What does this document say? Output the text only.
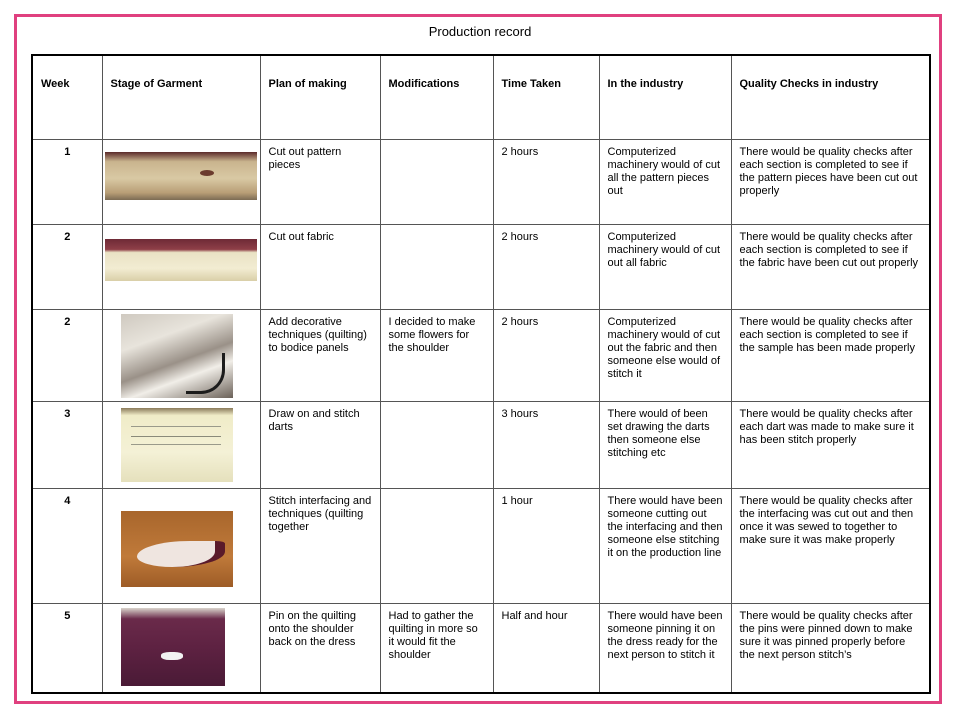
Production record
Week	Stage of Garment	Plan of making	Modifications	Time Taken	In the industry	Quality Checks in industry
1		Cut out pattern pieces		2 hours	Computerized machinery would of cut all the pattern pieces out	There would be quality checks after each section is completed to see if the pattern pieces have been cut out properly
2		Cut out fabric		2 hours	Computerized machinery would of cut out all fabric	There would be quality checks after each section is completed to see if the fabric have been cut out properly
2		Add decorative techniques (quilting) to bodice panels	I decided to make some flowers for the shoulder	2 hours	Computerized machinery would of cut out the fabric and then someone else would of stitch it	There would be quality checks after each section is completed to see if the sample has been made properly
3		Draw on and stitch darts		3 hours	There would of been set drawing the darts then someone else stitching etc	There would be quality checks after each dart was made to make sure it has been stitch properly
4		Stitch interfacing and techniques (quilting together		1 hour	There would have been someone cutting out the interfacing and then someone else stitching it on the production line	There would be quality checks after the interfacing was cut out and then once it was sewed to together to make sure it was make properly
5		Pin on the quilting onto the shoulder back on the dress	Had to gather the quilting in more so it would fit the shoulder	Half and hour	There would have been someone pinning it on the dress ready for the next person to stitch it	There would be quality checks after the pins were pinned down to make sure it was pinned properly before the next person stitch’s
